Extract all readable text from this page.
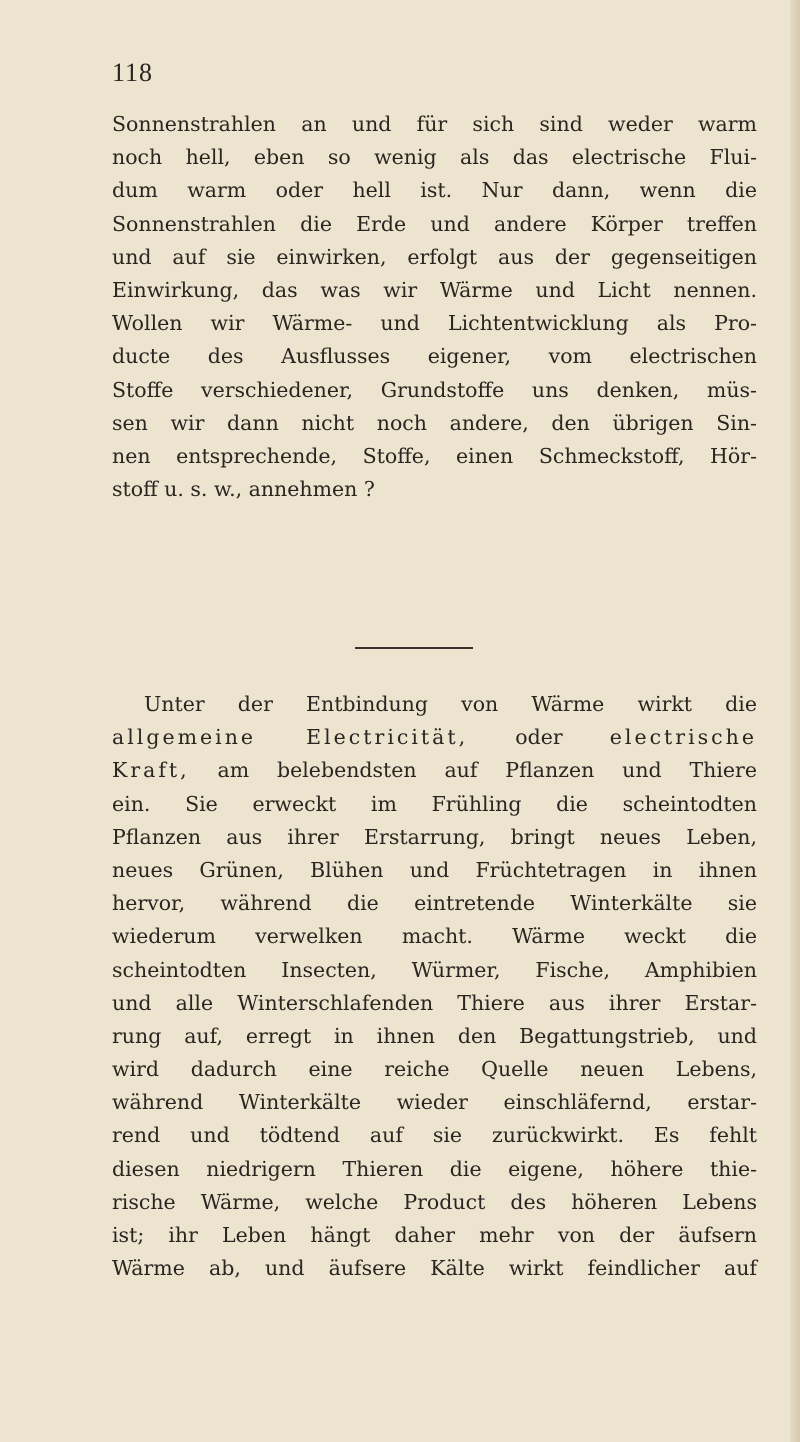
118
Sonnenstrahlen an und für sich sind weder warm
noch hell, eben so wenig als das electrische Flui-
dum warm oder hell ist. Nur dann, wenn die
Sonnenstrahlen die Erde und andere Körper treffen
und auf sie einwirken, erfolgt aus der gegenseitigen
Einwirkung, das was wir Wärme und Licht nennen.
Wollen wir Wärme- und Lichtentwicklung als Pro-
ducte des Ausflusses eigener, vom electrischen
Stoffe verschiedener, Grundstoffe uns denken, müs-
sen wir dann nicht noch andere, den übrigen Sin-
nen entsprechende, Stoffe, einen Schmeckstoff, Hör-
stoff u. s. w., annehmen ?
Unter der Entbindung von Wärme wirkt die
allgemeine Electricität, oder electrische
Kraft, am belebendsten auf Pflanzen und Thiere
ein. Sie erweckt im Frühling die scheintodten
Pflanzen aus ihrer Erstarrung, bringt neues Leben,
neues Grünen, Blühen und Früchtetragen in ihnen
hervor, während die eintretende Winterkälte sie
wiederum verwelken macht. Wärme weckt die
scheintodten Insecten, Würmer, Fische, Amphibien
und alle Winterschlafenden Thiere aus ihrer Erstar-
rung auf, erregt in ihnen den Begattungstrieb, und
wird dadurch eine reiche Quelle neuen Lebens,
während Winterkälte wieder einschläfernd, erstar-
rend und tödtend auf sie zurückwirkt. Es fehlt
diesen niedrigern Thieren die eigene, höhere thie-
rische Wärme, welche Product des höheren Lebens
ist; ihr Leben hängt daher mehr von der äufsern
Wärme ab, und äufsere Kälte wirkt feindlicher auf
